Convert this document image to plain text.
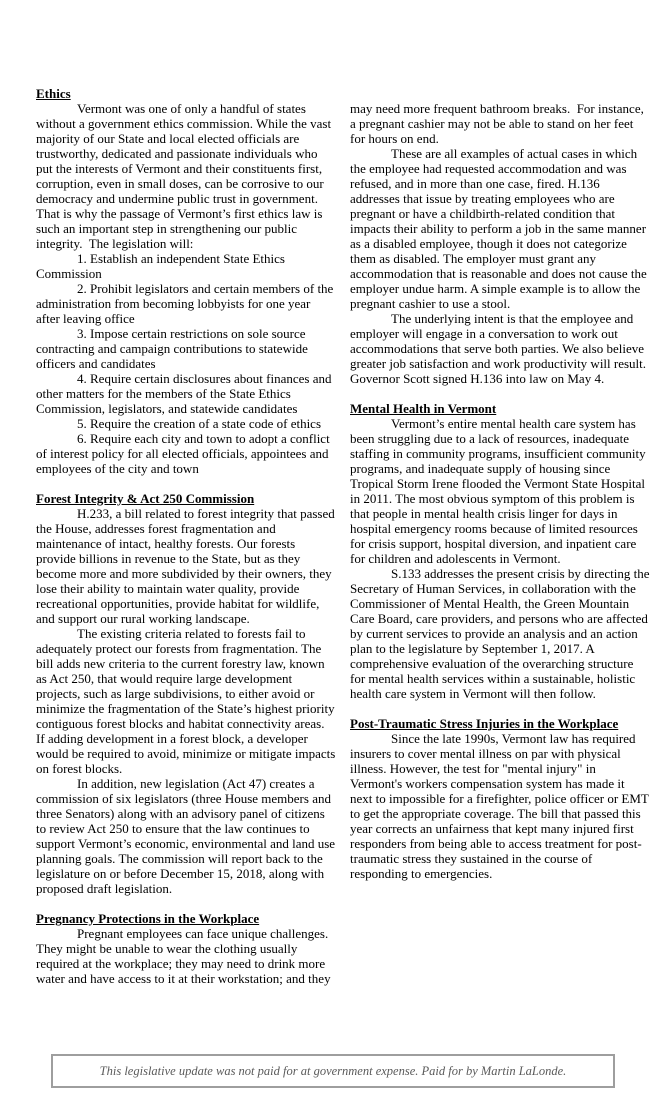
Ethics

Vermont was one of only a handful of states without a government ethics commission. While the vast majority of our State and local elected officials are trustworthy, dedicated and passionate individuals who put the interests of Vermont and their constituents first, corruption, even in small doses, can be corrosive to our democracy and undermine public trust in government. That is why the passage of Vermont’s first ethics law is such an important step in strengthening our public integrity.  The legislation will:

1. Establish an independent State Ethics Commission

2. Prohibit legislators and certain members of the administration from becoming lobbyists for one year after leaving office

3. Impose certain restrictions on sole source contracting and campaign contributions to statewide officers and candidates

4. Require certain disclosures about finances and other matters for the members of the State Ethics Commission, legislators, and statewide candidates

5. Require the creation of a state code of ethics

6. Require each city and town to adopt a conflict of interest policy for all elected officials, appointees and employees of the city and town

Forest Integrity & Act 250 Commission

H.233, a bill related to forest integrity that passed the House, addresses forest fragmentation and maintenance of intact, healthy forests. Our forests provide billions in revenue to the State, but as they become more and more subdivided by their owners, they lose their ability to maintain water quality, provide recreational opportunities, provide habitat for wildlife, and support our rural working landscape.

The existing criteria related to forests fail to adequately protect our forests from fragmentation. The bill adds new criteria to the current forestry law, known as Act 250, that would require large development projects, such as large subdivisions, to either avoid or minimize the fragmentation of the State’s highest priority contiguous forest blocks and habitat connectivity areas. If adding development in a forest block, a developer would be required to avoid, minimize or mitigate impacts on forest blocks.

In addition, new legislation (Act 47) creates a commission of six legislators (three House members and three Senators) along with an advisory panel of citizens to review Act 250 to ensure that the law continues to support Vermont’s economic, environmental and land use planning goals. The commission will report back to the legislature on or before December 15, 2018, along with proposed draft legislation.

Pregnancy Protections in the Workplace

Pregnant employees can face unique challenges. They might be unable to wear the clothing usually required at the workplace; they may need to drink more water and have access to it at their workstation; and they

may need more frequent bathroom breaks.  For instance, a pregnant cashier may not be able to stand on her feet for hours on end.

These are all examples of actual cases in which the employee had requested accommodation and was refused, and in more than one case, fired. H.136 addresses that issue by treating employees who are pregnant or have a childbirth-related condition that impacts their ability to perform a job in the same manner as a disabled employee, though it does not categorize them as disabled. The employer must grant any accommodation that is reasonable and does not cause the employer undue harm. A simple example is to allow the pregnant cashier to use a stool.

The underlying intent is that the employee and employer will engage in a conversation to work out accommodations that serve both parties. We also believe greater job satisfaction and work productivity will result. Governor Scott signed H.136 into law on May 4.

Mental Health in Vermont

Vermont’s entire mental health care system has been struggling due to a lack of resources, inadequate staffing in community programs, insufficient community programs, and inadequate supply of housing since Tropical Storm Irene flooded the Vermont State Hospital in 2011. The most obvious symptom of this problem is that people in mental health crisis linger for days in hospital emergency rooms because of limited resources for crisis support, hospital diversion, and inpatient care for children and adolescents in Vermont.

S.133 addresses the present crisis by directing the Secretary of Human Services, in collaboration with the Commissioner of Mental Health, the Green Mountain Care Board, care providers, and persons who are affected by current services to provide an analysis and an action plan to the legislature by September 1, 2017. A comprehensive evaluation of the overarching structure for mental health services within a sustainable, holistic health care system in Vermont will then follow.

Post-Traumatic Stress Injuries in the Workplace

Since the late 1990s, Vermont law has required insurers to cover mental illness on par with physical illness. However, the test for "mental injury" in Vermont's workers compensation system has made it next to impossible for a firefighter, police officer or EMT to get the appropriate coverage. The bill that passed this year corrects an unfairness that kept many injured first responders from being able to access treatment for post-traumatic stress they sustained in the course of responding to emergencies.

This legislative update was not paid for at government expense. Paid for by Martin LaLonde.
